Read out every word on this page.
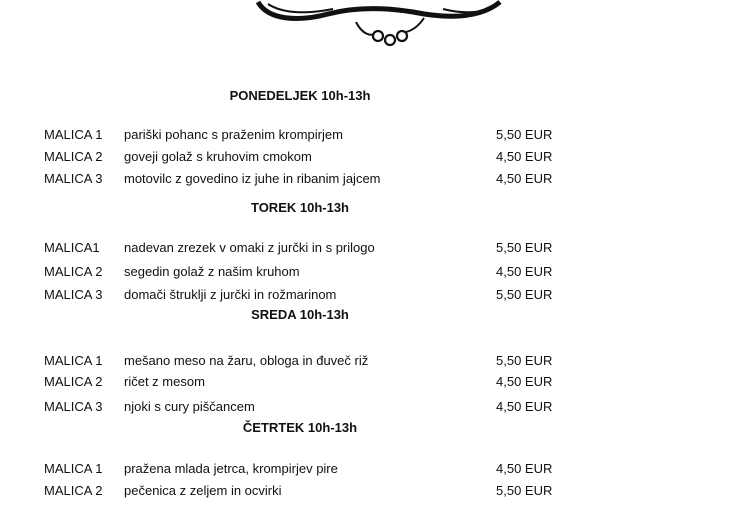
PONEDELJEK 10h-13h
MALICA 1 pariški pohanc s praženim krompirjem	5,50 EUR
MALICA 2 goveji golaž s kruhovim cmokom	4,50 EUR
MALICA 3 motovilc z govedino iz juhe in ribanim jajcem	4,50 EUR
TOREK 10h-13h
MALICA1 nadevan zrezek v omaki z jurčki in s prilogo	5,50 EUR
MALICA 2 segedin golaž z našim kruhom	4,50 EUR
MALICA 3 domači štruklji z jurčki in rožmarinom	5,50 EUR
SREDA 10h-13h
MALICA 1 mešano meso na žaru, obloga in đuveč riž	5,50 EUR
MALICA 2 ričet z mesom	4,50 EUR
MALICA 3 njoki s cury piščancem	4,50 EUR
ČETRTEK 10h-13h
MALICA 1 pražena mlada jetrca, krompirjev pire	4,50 EUR
MALICA 2 pečenica z zeljem in ocvirki	5,50 EUR
